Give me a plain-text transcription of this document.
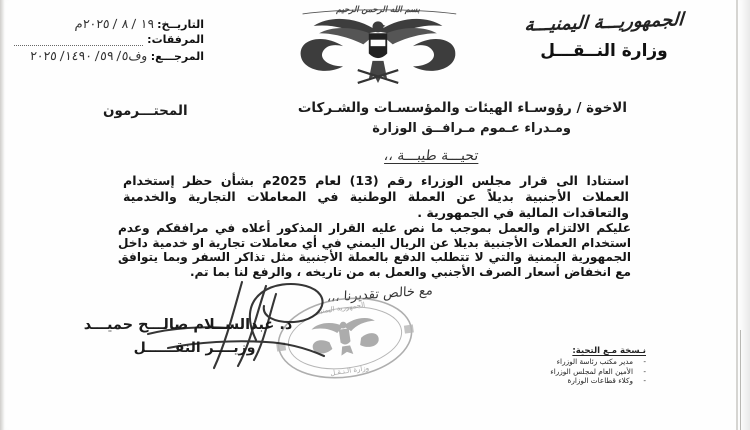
التاريــخ:
١٩ / ٨ / ٢٠٢٥م
المرفقات:
المرجـــع:
وف٥/ ٥٩/ ١٤٩٠/ ٢٠٢٥
بسم الله الرحمن الرحيم
الجمهوريـــة اليمنيـــة
وزارة النــقـــل
الاخوة / رؤوسـاء الهيئات والمؤسسـات والشـركات
ومـدراء عـموم مـرافــق الوزارة
المحتـــرمون
تحيـــة طيبـــة ،،
استنادا الى قرار مجلس الوزراء رقم (13) لعام 2025م بشأن حظر إستخدام العملات الأجنبية بديلاً عن العملة الوطنية في المعاملات التجارية والخدمية والتعاقدات المالية في الجمهورية .
عليكم الالتزام والعمل بموجب ما نص عليه القرار المذكور أعلاه في مرافقكم وعدم استخدام العملات الأجنبية بديلا عن الريال اليمني في أي معاملات تجارية او خدمية داخل الجمهورية اليمنية والتي لا تتطلب الدفع بالعملة الأجنبية مثل تذاكر السفر وبما يتوافق مع انخفاض أسعار الصرف الأجنبي والعمل به من تاريخه ، والرفع لنا بما تم.
مع خالص تقديرنا ،،،
الجمهورية اليمنية
وزارة الـنـقـل
د. عبدالســلام صالـــح حميـــد
وزيــــر النقــــــل	نـسخة مـع التحية:
-
مدير مكتب رئاسة الوزراء
-
الأمين العام لمجلس الوزراء
-
وكلاء قطاعات الوزارة
